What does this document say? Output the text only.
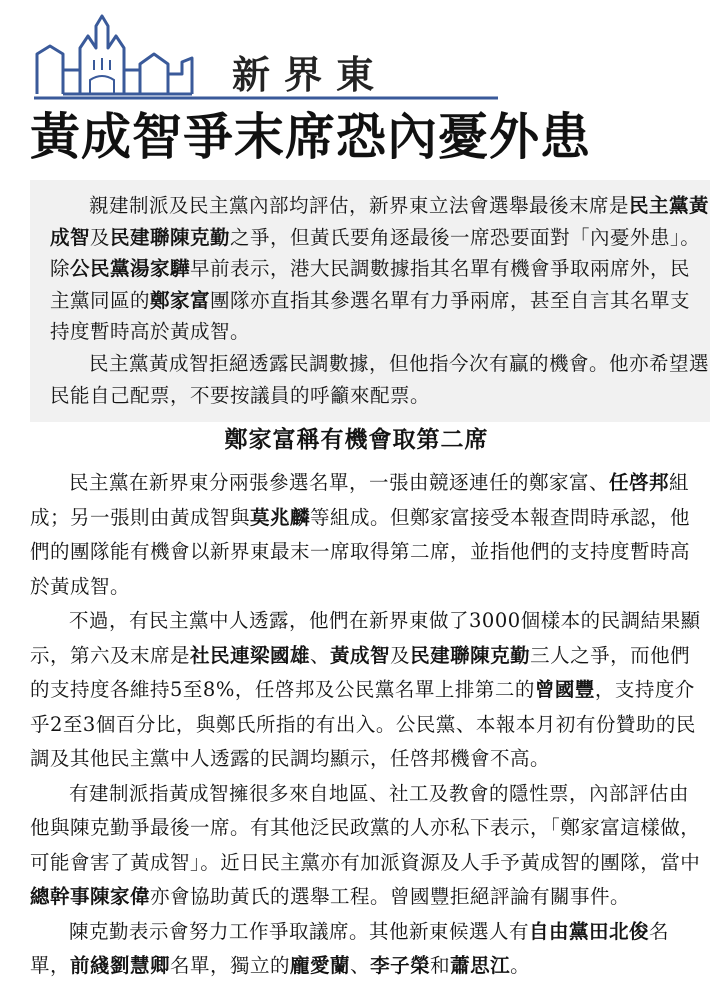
新界東
黃成智爭末席恐內憂外患

親建制派及民主黨內部均評估，新界東立法會選舉最後末席是民主黨黃成智及民建聯陳克勤之爭，但黃氏要角逐最後一席恐要面對「內憂外患」。除公民黨湯家驊早前表示，港大民調數據指其名單有機會爭取兩席外，民主黨同區的鄭家富團隊亦直指其參選名單有力爭兩席，甚至自言其名單支持度暫時高於黃成智。

民主黨黃成智拒絕透露民調數據，但他指今次有贏的機會。他亦希望選民能自己配票，不要按議員的呼籲來配票。

鄭家富稱有機會取第二席

民主黨在新界東分兩張參選名單，一張由競逐連任的鄭家富、任啓邦組成；另一張則由黃成智與莫兆麟等組成。但鄭家富接受本報查問時承認，他們的團隊能有機會以新界東最末一席取得第二席，並指他們的支持度暫時高於黃成智。

不過，有民主黨中人透露，他們在新界東做了3000個樣本的民調結果顯示，第六及末席是社民連梁國雄、黃成智及民建聯陳克勤三人之爭，而他們的支持度各維持5至8%，任啓邦及公民黨名單上排第二的曾國豐，支持度介乎2至3個百分比，與鄭氏所指的有出入。公民黨、本報本月初有份贊助的民調及其他民主黨中人透露的民調均顯示，任啓邦機會不高。

有建制派指黃成智擁很多來自地區、社工及教會的隱性票，內部評估由他與陳克勤爭最後一席。有其他泛民政黨的人亦私下表示，「鄭家富這樣做，可能會害了黃成智」。近日民主黨亦有加派資源及人手予黃成智的團隊，當中總幹事陳家偉亦會協助黃氏的選舉工程。曾國豐拒絕評論有關事件。

陳克勤表示會努力工作爭取議席。其他新東候選人有自由黨田北俊名單，前綫劉慧卿名單，獨立的龐愛蘭、李子榮和蕭思江。
